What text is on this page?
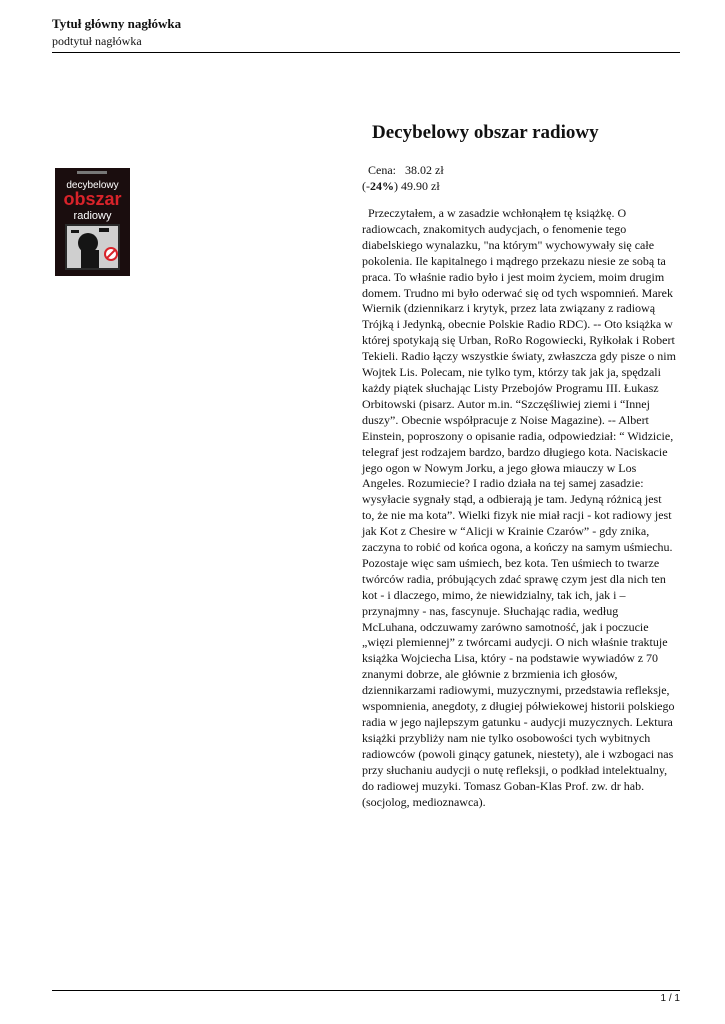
Tytuł główny nagłówka
podtytuł nagłówka
decybelowy
obszar
radiowy
Decybelowy obszar radiowy
Cena: 38.02 zł
(-24%) 49.90 zł

Przeczytałem, a w zasadzie wchłonąłem tę książkę. O radiowcach, znakomitych audycjach, o fenomenie tego diabelskiego wynalazku, "na którym" wychowywały się całe pokolenia. Ile kapitalnego i mądrego przekazu niesie ze sobą ta praca. To właśnie radio było i jest moim życiem, moim drugim domem. Trudno mi było oderwać się od tych wspomnień. Marek Wiernik (dziennikarz i krytyk, przez lata związany z radiową Trójką i Jedynką, obecnie Polskie Radio RDC). -- Oto książka w której spotykają się Urban, RoRo Rogowiecki, Ryłkołak i Robert Tekieli. Radio łączy wszystkie światy, zwłaszcza gdy pisze o nim Wojtek Lis. Polecam, nie tylko tym, którzy tak jak ja, spędzali każdy piątek słuchając Listy Przebojów Programu III. Łukasz Orbitowski (pisarz. Autor m.in. “Szczęśliwiej ziemi i “Innej duszy”. Obecnie współpracuje z Noise Magazine). -- Albert Einstein, poproszony o opisanie radia, odpowiedział: “ Widzicie, telegraf jest rodzajem bardzo, bardzo długiego kota. Naciskacie jego ogon w Nowym Jorku, a jego głowa miauczy w Los Angeles. Rozumiecie? I radio działa na tej samej zasadzie: wysyłacie sygnały stąd, a odbierają je tam. Jedyną różnicą jest to, że nie ma kota”. Wielki fizyk nie miał racji - kot radiowy jest jak Kot z Chesire w “Alicji w Krainie Czarów” - gdy znika, zaczyna to robić od końca ogona, a kończy na samym uśmiechu. Pozostaje więc sam uśmiech, bez kota. Ten uśmiech to twarze twórców radia, próbujących zdać sprawę czym jest dla nich ten kot - i dlaczego, mimo, że niewidzialny, tak ich, jak i – przynajmny - nas, fascynuje. Słuchając radia, według McLuhana, odczuwamy zarówno samotność, jak i poczucie „więzi plemiennej” z twórcami audycji. O nich właśnie traktuje książka Wojciecha Lisa, który - na podstawie wywiadów z 70 znanymi dobrze, ale głównie z brzmienia ich głosów, dziennikarzami radiowymi, muzycznymi, przedstawia refleksje, wspomnienia, anegdoty, z długiej półwiekowej historii polskiego radia w jego najlepszym gatunku - audycji muzycznych. Lektura książki przybliży nam nie tylko osobowości tych wybitnych radiowców (powoli ginący gatunek, niestety), ale i wzbogaci nas przy słuchaniu audycji o nutę refleksji, o podkład intelektualny, do radiowej muzyki. Tomasz Goban-Klas Prof. zw. dr hab. (socjolog, medioznawca).

1 / 1
